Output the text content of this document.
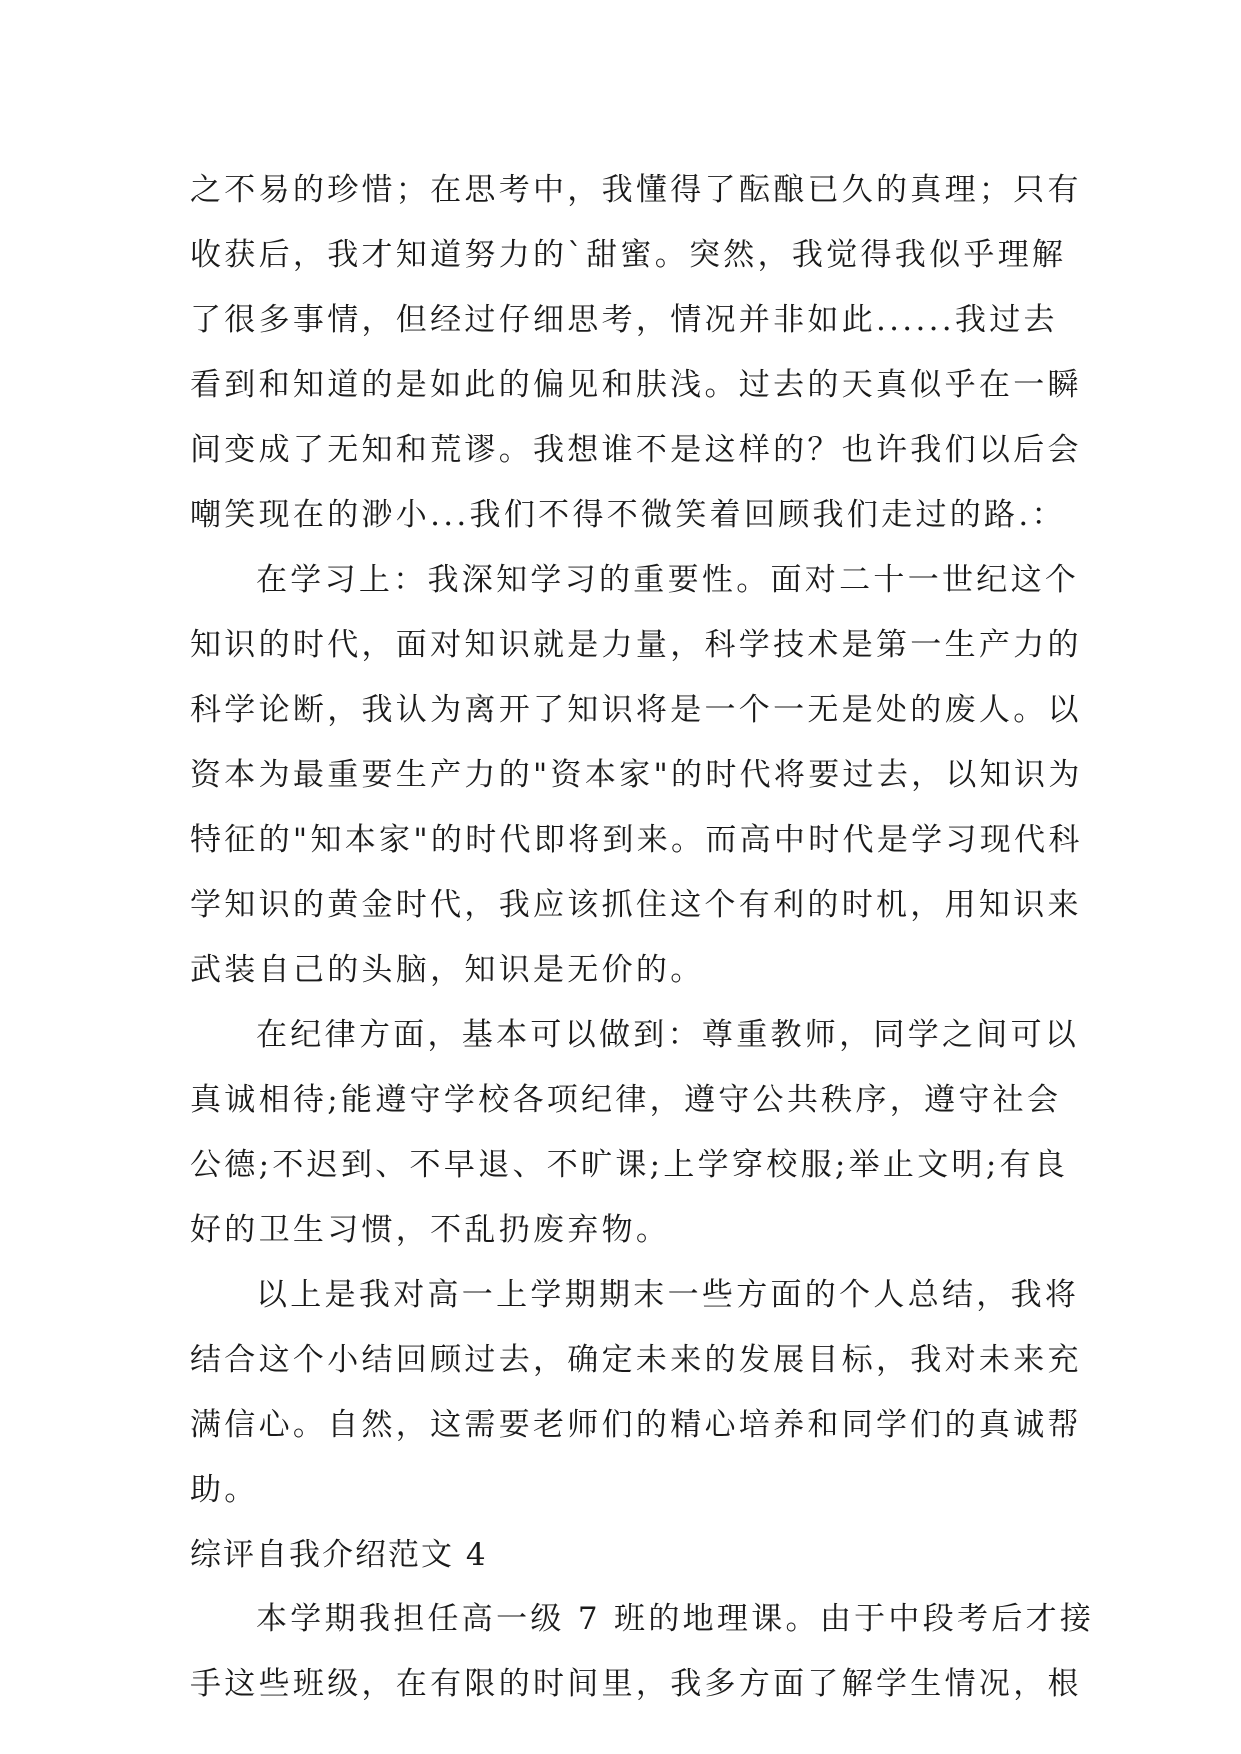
之不易的珍惜；在思考中，我懂得了酝酿已久的真理；只有
收获后，我才知道努力的`甜蜜。突然，我觉得我似乎理解
了很多事情，但经过仔细思考，情况并非如此......我过去
看到和知道的是如此的偏见和肤浅。过去的天真似乎在一瞬
间变成了无知和荒谬。我想谁不是这样的？也许我们以后会
嘲笑现在的渺小...我们不得不微笑着回顾我们走过的路.：
在学习上：我深知学习的重要性。面对二十一世纪这个
知识的时代，面对知识就是力量，科学技术是第一生产力的
科学论断，我认为离开了知识将是一个一无是处的废人。以
资本为最重要生产力的"资本家"的时代将要过去，以知识为
特征的"知本家"的时代即将到来。而高中时代是学习现代科
学知识的黄金时代，我应该抓住这个有利的时机，用知识来
武装自己的头脑，知识是无价的。
在纪律方面，基本可以做到：尊重教师，同学之间可以
真诚相待;能遵守学校各项纪律，遵守公共秩序，遵守社会
公德;不迟到、不早退、不旷课;上学穿校服;举止文明;有良
好的卫生习惯，不乱扔废弃物。
以上是我对高一上学期期末一些方面的个人总结，我将
结合这个小结回顾过去，确定未来的发展目标，我对未来充
满信心。自然，这需要老师们的精心培养和同学们的真诚帮
助。
综评自我介绍范文 4
本学期我担任高一级 7 班的地理课。由于中段考后才接
手这些班级，在有限的时间里，我多方面了解学生情况，根
